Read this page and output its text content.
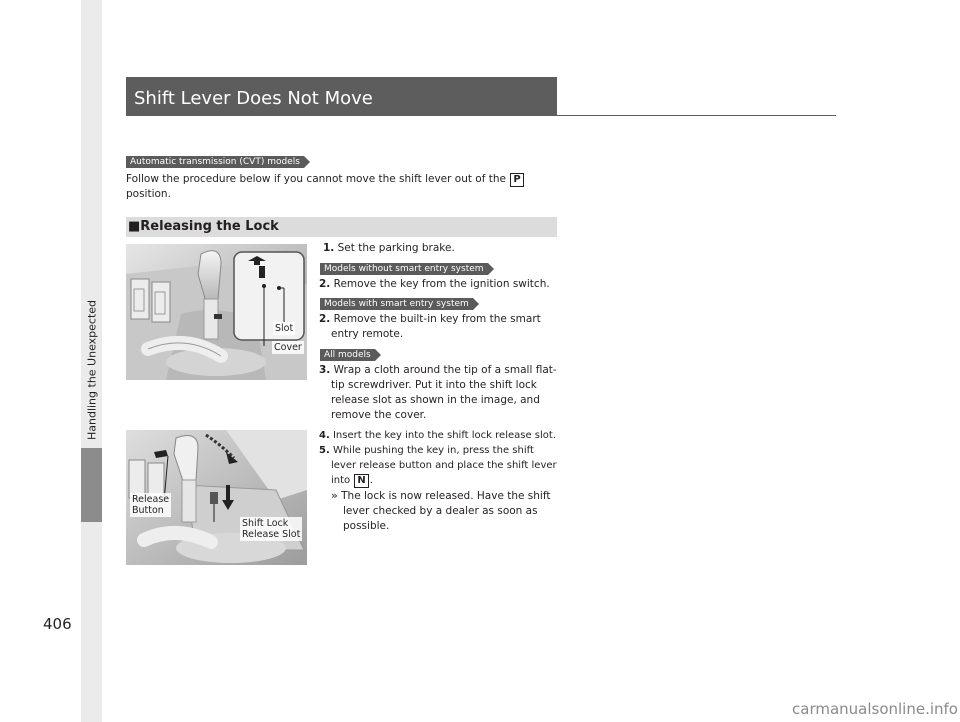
Handling the Unexpected
406
Shift Lever Does Not Move
Automatic transmission (CVT) models
Follow the procedure below if you cannot move the shift lever out of the P
position.
■Releasing the Lock
Slot
Cover
Release
Button
Shift Lock
Release Slot
1. Set the parking brake.
Models without smart entry system
2. Remove the key from the ignition switch.
Models with smart entry system
2. Remove the built-in key from the smart
entry remote.
All models
3. Wrap a cloth around the tip of a small flat-
tip screwdriver. Put it into the shift lock
release slot as shown in the image, and
remove the cover.
4. Insert the key into the shift lock release slot.
5. While pushing the key in, press the shift
lever release button and place the shift lever
into N .
» The lock is now released. Have the shift
lever checked by a dealer as soon as
possible.
carmanualsonline.info
